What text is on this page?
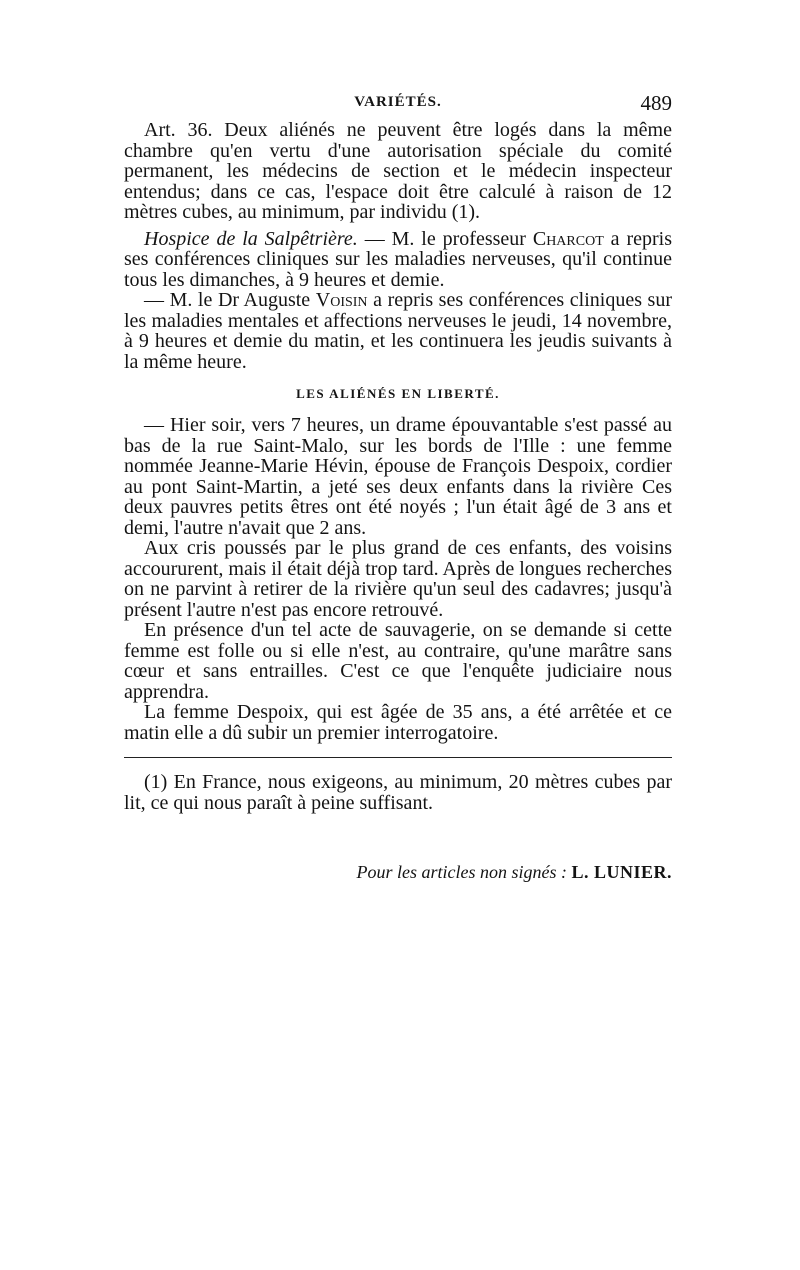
VARIÉTÉS.	489

Art. 36. Deux aliénés ne peuvent être logés dans la même chambre qu'en vertu d'une autorisation spéciale du comité permanent, les médecins de section et le médecin inspecteur entendus; dans ce cas, l'espace doit être calculé à raison de 12 mètres cubes, au minimum, par individu (1).

Hospice de la Salpêtrière. — M. le professeur Charcot a repris ses conférences cliniques sur les maladies nerveuses, qu'il continue tous les dimanches, à 9 heures et demie.

— M. le Dr Auguste Voisin a repris ses conférences cliniques sur les maladies mentales et affections nerveuses le jeudi, 14 novembre, à 9 heures et demie du matin, et les continuera les jeudis suivants à la même heure.

LES ALIÉNÉS EN LIBERTÉ.

— Hier soir, vers 7 heures, un drame épouvantable s'est passé au bas de la rue Saint-Malo, sur les bords de l'Ille : une femme nommée Jeanne-Marie Hévin, épouse de François Despoix, cordier au pont Saint-Martin, a jeté ses deux enfants dans la rivière Ces deux pauvres petits êtres ont été noyés ; l'un était âgé de 3 ans et demi, l'autre n'avait que 2 ans.

Aux cris poussés par le plus grand de ces enfants, des voisins accoururent, mais il était déjà trop tard. Après de longues recherches on ne parvint à retirer de la rivière qu'un seul des cadavres; jusqu'à présent l'autre n'est pas encore retrouvé.

En présence d'un tel acte de sauvagerie, on se demande si cette femme est folle ou si elle n'est, au contraire, qu'une marâtre sans cœur et sans entrailles. C'est ce que l'enquête judiciaire nous apprendra.

La femme Despoix, qui est âgée de 35 ans, a été arrêtée et ce matin elle a dû subir un premier interrogatoire.

(1) En France, nous exigeons, au minimum, 20 mètres cubes par lit, ce qui nous paraît à peine suffisant.

Pour les articles non signés : L. LUNIER.
